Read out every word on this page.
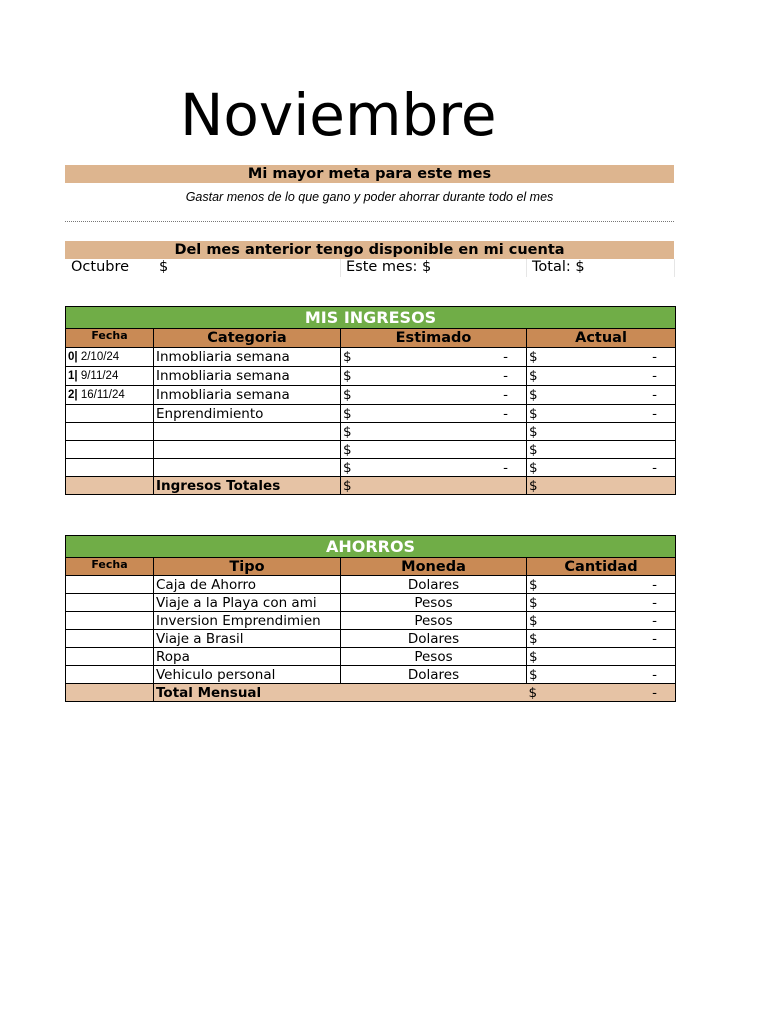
Noviembre
Mi mayor meta para este mes
Gastar menos de lo que gano y poder ahorrar durante todo el mes
Del mes anterior tengo disponible en mi cuenta
Octubre $	Este mes: $	Total: $
MIS INGRESOS			
Fecha	Categoria	Estimado	Actual
0| 2/10/24	Inmobliaria semana	$ -	$ -

1| 9/11/24	Inmobliaria semana	$ -	$ -

2| 16/11/24	Inmobliaria semana	$ -	$ -

	Enprendimiento	$ -	$ -

		$	$

		$	$

		$ -	$ -

	Ingresos Totales	$	$
AHORROS			
Fecha	Tipo	Moneda	Cantidad
	Caja de Ahorro	Dolares	$ -

	Viaje a la Playa con ami	Pesos	$ -

	Inversion Emprendimien	Pesos	$ -

	Viaje a Brasil	Dolares	$ -

	Ropa	Pesos	$

	Vehiculo personal	Dolares	$ -

	Total Mensual		$ -
